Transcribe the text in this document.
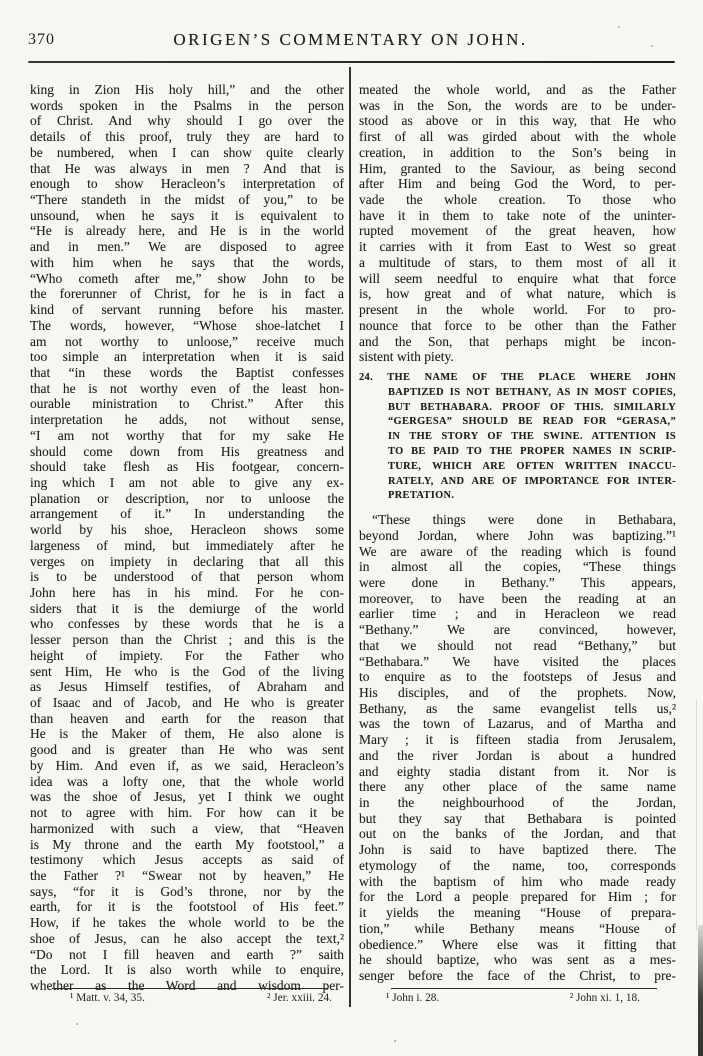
370	ORIGEN’S COMMENTARY ON JOHN.
king in Zion His holy hill,” and the other
words spoken in the Psalms in the person
of Christ. And why should I go over the
details of this proof, truly they are hard to
be numbered, when I can show quite clearly
that He was always in men ? And that is
enough to show Heracleon’s interpretation of
“There standeth in the midst of you,” to be
unsound, when he says it is equivalent to
“He is already here, and He is in the world
and in men.” We are disposed to agree
with him when he says that the words,
“Who cometh after me,” show John to be
the forerunner of Christ, for he is in fact a
kind of servant running before his master.
The words, however, “Whose shoe-latchet I
am not worthy to unloose,” receive much
too simple an interpretation when it is said
that “in these words the Baptist confesses
that he is not worthy even of the least hon-
ourable ministration to Christ.” After this
interpretation he adds, not without sense,
“I am not worthy that for my sake He
should come down from His greatness and
should take flesh as His footgear, concern-
ing which I am not able to give any ex-
planation or description, nor to unloose the
arrangement of it.” In understanding the
world by his shoe, Heracleon shows some
largeness of mind, but immediately after he
verges on impiety in declaring that all this
is to be understood of that person whom
John here has in his mind. For he con-
siders that it is the demiurge of the world
who confesses by these words that he is a
lesser person than the Christ ; and this is the
height of impiety. For the Father who
sent Him, He who is the God of the living
as Jesus Himself testifies, of Abraham and
of Isaac and of Jacob, and He who is greater
than heaven and earth for the reason that
He is the Maker of them, He also alone is
good and is greater than He who was sent
by Him. And even if, as we said, Heracleon’s
idea was a lofty one, that the whole world
was the shoe of Jesus, yet I think we ought
not to agree with him. For how can it be
harmonized with such a view, that “Heaven
is My throne and the earth My footstool,” a
testimony which Jesus accepts as said of
the Father ?¹ “Swear not by heaven,” He
says, “for it is God’s throne, nor by the
earth, for it is the footstool of His feet.”
How, if he takes the whole world to be the
shoe of Jesus, can he also accept the text,²
“Do not I fill heaven and earth ?” saith
the Lord. It is also worth while to enquire,
whether as the Word and wisdom per-
meated the whole world, and as the Father
was in the Son, the words are to be under-
stood as above or in this way, that He who
first of all was girded about with the whole
creation, in addition to the Son’s being in
Him, granted to the Saviour, as being second
after Him and being God the Word, to per-
vade the whole creation. To those who
have it in them to take note of the uninter-
rupted movement of the great heaven, how
it carries with it from East to West so great
a multitude of stars, to them most of all it
will seem needful to enquire what that force
is, how great and of what nature, which is
present in the whole world. For to pro-
nounce that force to be other than the Father
and the Son, that perhaps might be incon-
sistent with piety.
24. THE NAME OF THE PLACE WHERE JOHN
BAPTIZED IS NOT BETHANY, AS IN MOST COPIES,
BUT BETHABARA. PROOF OF THIS. SIMILARLY
“GERGESA” SHOULD BE READ FOR “GERASA,”
IN THE STORY OF THE SWINE. ATTENTION IS
TO BE PAID TO THE PROPER NAMES IN SCRIP-
TURE, WHICH ARE OFTEN WRITTEN INACCU-
RATELY, AND ARE OF IMPORTANCE FOR INTER-
PRETATION.
“These things were done in Bethabara,
beyond Jordan, where John was baptizing.”¹
We are aware of the reading which is found
in almost all the copies, “These things
were done in Bethany.” This appears,
moreover, to have been the reading at an
earlier time ; and in Heracleon we read
“Bethany.” We are convinced, however,
that we should not read “Bethany,” but
“Bethabara.” We have visited the places
to enquire as to the footsteps of Jesus and
His disciples, and of the prophets. Now,
Bethany, as the same evangelist tells us,²
was the town of Lazarus, and of Martha and
Mary ; it is fifteen stadia from Jerusalem,
and the river Jordan is about a hundred
and eighty stadia distant from it. Nor is
there any other place of the same name
in the neighbourhood of the Jordan,
but they say that Bethabara is pointed
out on the banks of the Jordan, and that
John is said to have baptized there. The
etymology of the name, too, corresponds
with the baptism of him who made ready
for the Lord a people prepared for Him ; for
it yields the meaning “House of prepara-
tion,” while Bethany means “House of
obedience.” Where else was it fitting that
he should baptize, who was sent as a mes-
senger before the face of the Christ, to pre-
¹ Matt. v. 34, 35.	² Jer. xxiii. 24.	¹ John i. 28.	² John xi. 1, 18.
